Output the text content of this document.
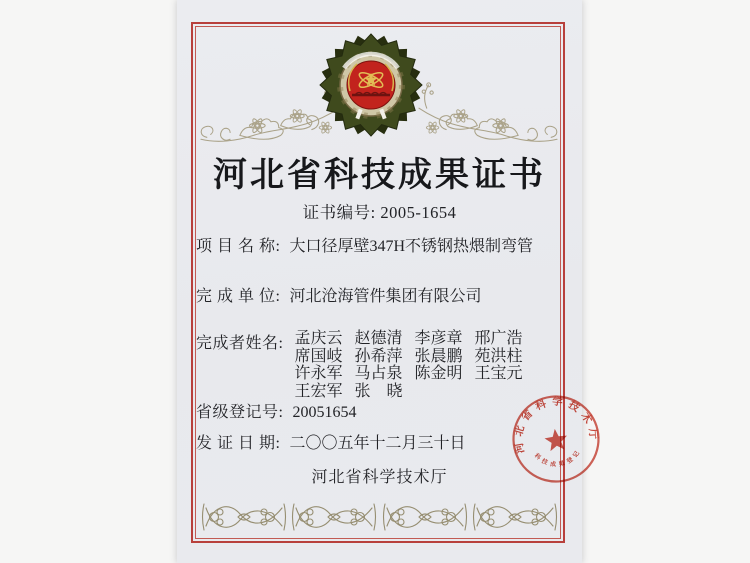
河北省科技成果证书
证书编号: 2005-1654
项 目 名 称: 大口径厚壁347H不锈钢热煨制弯管
完 成 单 位: 河北沧海管件集团有限公司
完成者姓名: 孟庆云 赵德清 李彦章 邢广浩
席国岐 孙希萍 张晨鹏 苑洪柱
许永军 马占泉 陈金明 王宝元
王宏军 张　晓
省级登记号: 20051654
发 证 日 期: 二〇〇五年十二月三十日
河北省科学技术厅
河北省科学技术厅
科技成果登记
